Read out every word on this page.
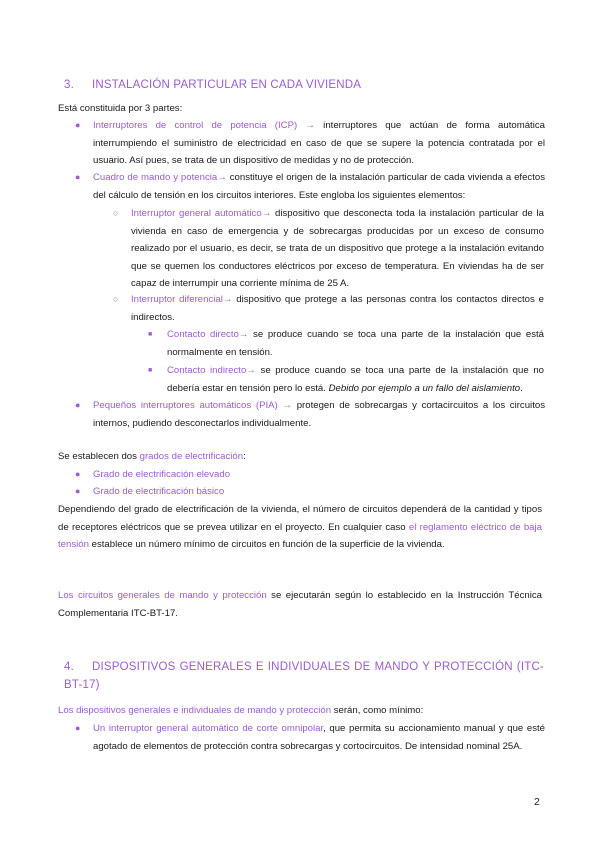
3. INSTALACIÓN PARTICULAR EN CADA VIVIENDA
Está constituida por 3 partes:
● Interruptores de control de potencia (ICP) → interruptores que actúan de forma automática interrumpiendo el suministro de electricidad en caso de que se supere la potencia contratada por el usuario. Así pues, se trata de un dispositivo de medidas y no de protección.
● Cuadro de mando y potencia→ constituye el origen de la instalación particular de cada vivienda a efectos del cálculo de tensión en los circuitos interiores. Este engloba los siguientes elementos:
○ Interruptor general automático→ dispositivo que desconecta toda la instalación particular de la vivienda en caso de emergencia y de sobrecargas producidas por un exceso de consumo realizado por el usuario, es decir, se trata de un dispositivo que protege a la instalación evitando que se quemen los conductores eléctricos por exceso de temperatura. En viviendas ha de ser capaz de interrumpir una corriente mínima de 25 A.
○ Interruptor diferencial→ dispositivo que protege a las personas contra los contactos directos e indirectos.
■ Contacto directo→ se produce cuando se toca una parte de la instalación que está normalmente en tensión.
■ Contacto indirecto→ se produce cuando se toca una parte de la instalación que no debería estar en tensión pero lo está. Debido por ejemplo a un fallo del aislamiento.
● Pequeños interruptores automáticos (PIA) → protegen de sobrecargas y cortacircuitos a los circuitos internos, pudiendo desconectarlos individualmente.
Se establecen dos grados de electrificación:
● Grado de electrificación elevado
● Grado de electrificación básico
Dependiendo del grado de electrificación de la vivienda, el número de circuitos dependerá de la cantidad y tipos de receptores eléctricos que se prevea utilizar en el proyecto. En cualquier caso el reglamento eléctrico de baja tensión establece un número mínimo de circuitos en función de la superficie de la vivienda.
Los circuitos generales de mando y protección se ejecutarán según lo establecido en la Instrucción Técnica Complementaria ITC-BT-17.
4. DISPOSITIVOS GENERALES E INDIVIDUALES DE MANDO Y PROTECCIÓN (ITC-BT-17)
Los dispositivos generales e individuales de mando y protección serán, como mínimo:
● Un interruptor general automático de corte omnipolar, que permita su accionamiento manual y que esté agotado de elementos de protección contra sobrecargas y cortocircuitos. De intensidad nominal 25A.
2
